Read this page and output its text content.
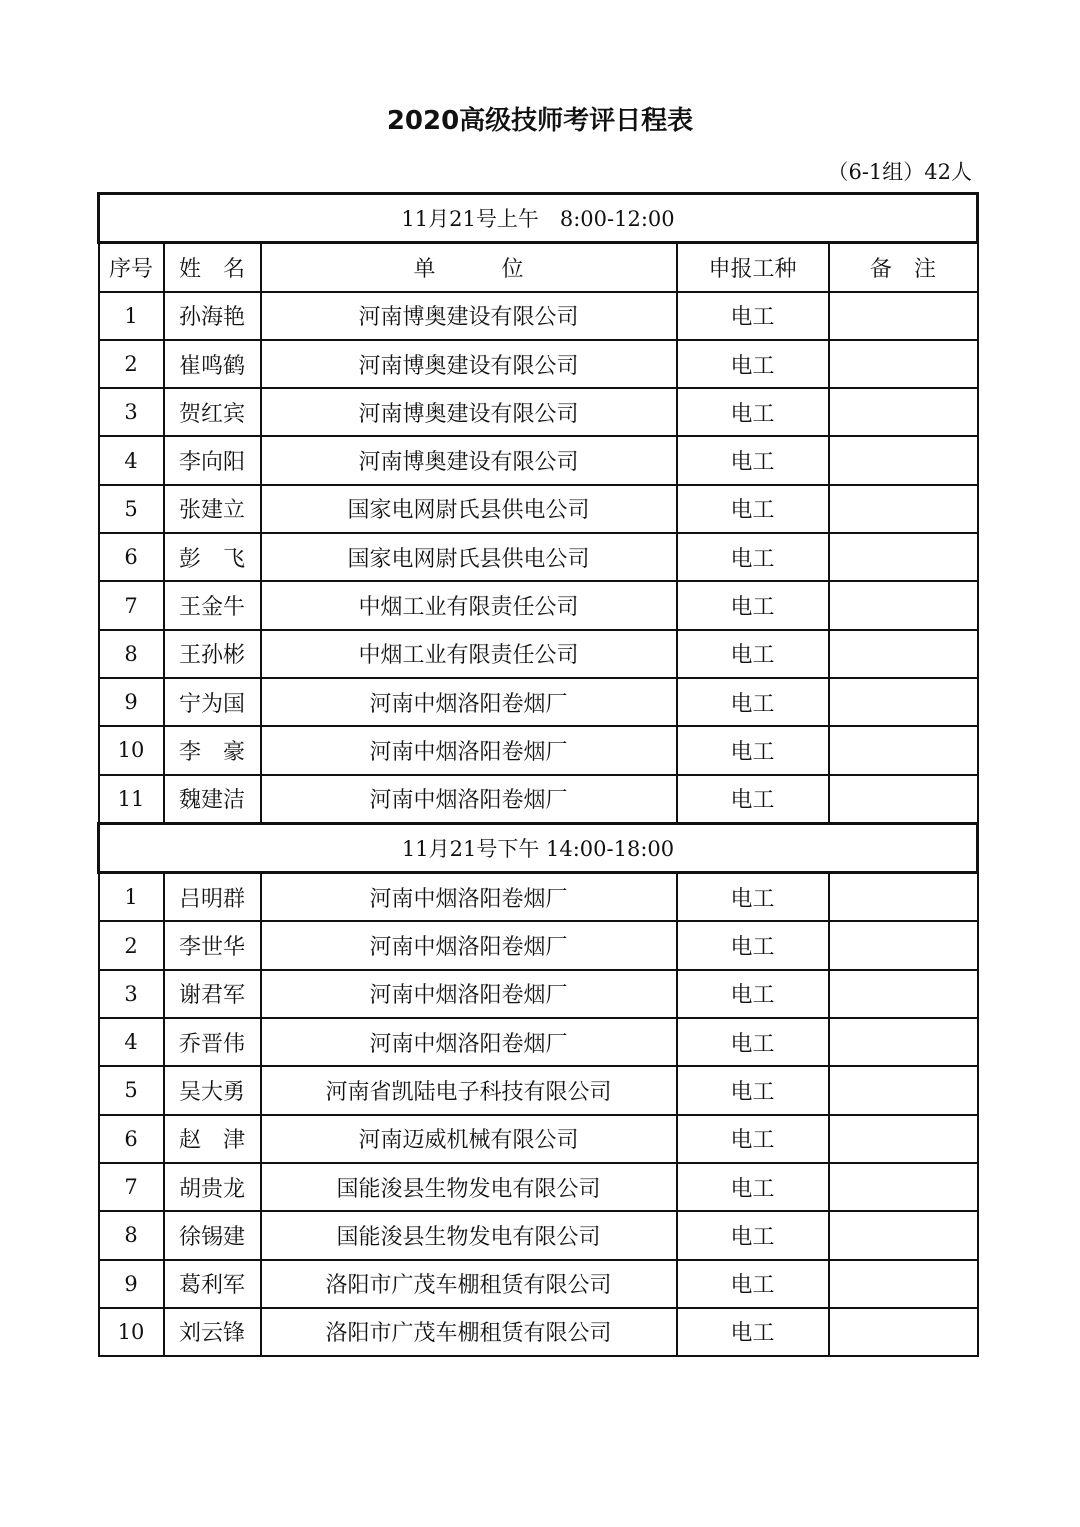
2020高级技师考评日程表
（6-1组）42人
11月21号上午　8:00-12:00				
序号	姓　名	单　　　位	申报工种	备　注
1	孙海艳	河南博奥建设有限公司	电工	
2	崔鸣鹤	河南博奥建设有限公司	电工	
3	贺红宾	河南博奥建设有限公司	电工	
4	李向阳	河南博奥建设有限公司	电工	
5	张建立	国家电网尉氏县供电公司	电工	
6	彭　飞	国家电网尉氏县供电公司	电工	
7	王金牛	中烟工业有限责任公司	电工	
8	王孙彬	中烟工业有限责任公司	电工	
9	宁为国	河南中烟洛阳卷烟厂	电工	
10	李　豪	河南中烟洛阳卷烟厂	电工	
11	魏建洁	河南中烟洛阳卷烟厂	电工	
11月21号下午 14:00-18:00				
1	吕明群	河南中烟洛阳卷烟厂	电工	
2	李世华	河南中烟洛阳卷烟厂	电工	
3	谢君军	河南中烟洛阳卷烟厂	电工	
4	乔晋伟	河南中烟洛阳卷烟厂	电工	
5	吴大勇	河南省凯陆电子科技有限公司	电工	
6	赵　津	河南迈威机械有限公司	电工	
7	胡贵龙	国能浚县生物发电有限公司	电工	
8	徐锡建	国能浚县生物发电有限公司	电工	
9	葛利军	洛阳市广茂车棚租赁有限公司	电工	
10	刘云锋	洛阳市广茂车棚租赁有限公司	电工	
